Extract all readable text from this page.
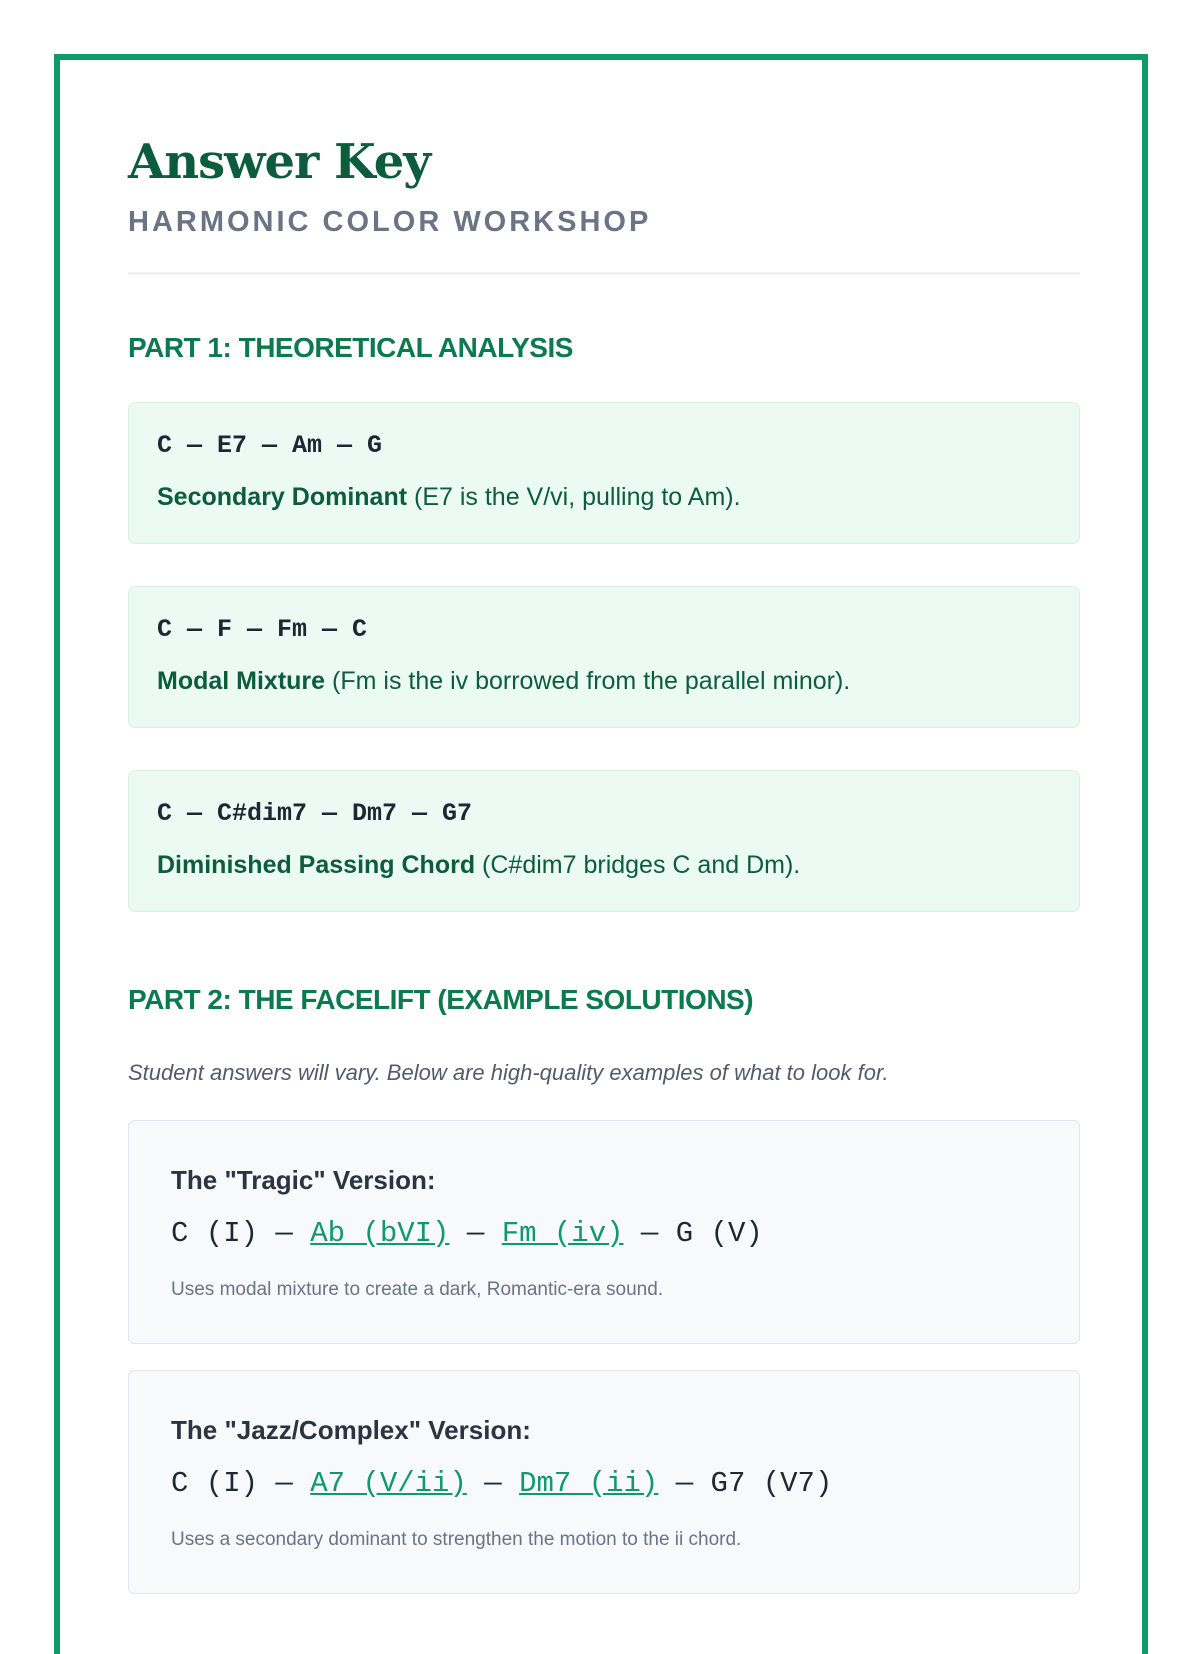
Answer Key
HARMONIC COLOR WORKSHOP
PART 1: THEORETICAL ANALYSIS
C — E7 — Am — G
Secondary Dominant (E7 is the V/vi, pulling to Am).
C — F — Fm — C
Modal Mixture (Fm is the iv borrowed from the parallel minor).
C — C#dim7 — Dm7 — G7
Diminished Passing Chord (C#dim7 bridges C and Dm).
PART 2: THE FACELIFT (EXAMPLE SOLUTIONS)
Student answers will vary. Below are high-quality examples of what to look for.
The "Tragic" Version:
C (I) — Ab (bVI) — Fm (iv) — G (V)
Uses modal mixture to create a dark, Romantic-era sound.
The "Jazz/Complex" Version:
C (I) — A7 (V/ii) — Dm7 (ii) — G7 (V7)
Uses a secondary dominant to strengthen the motion to the ii chord.
